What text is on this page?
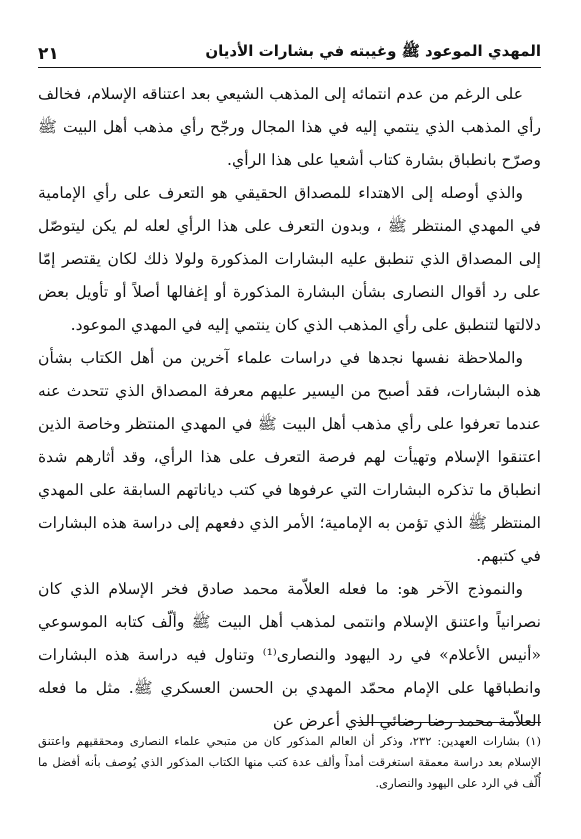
المهدي الموعود ﷺ وغيبته في بشارات الأديان
٢١

على الرغم من عدم انتمائه إلى المذهب الشيعي بعد اعتناقه الإسلام، فخالف رأي المذهب الذي ينتمي إليه في هذا المجال ورجّح رأي مذهب أهل البيت ﷺ وصرّح بانطباق بشارة كتاب أشعيا على هذا الرأي.

والذي أوصله إلى الاهتداء للمصداق الحقيقي هو التعرف على رأي الإمامية في المهدي المنتظر ﷺ ، وبدون التعرف على هذا الرأي لعله لم يكن ليتوصّل إلى المصداق الذي تنطبق عليه البشارات المذكورة ولولا ذلك لكان يقتصر إمّا على رد أقوال النصارى بشأن البشارة المذكورة أو إغفالها أصلاً أو تأويل بعض دلالتها لتنطبق على رأي المذهب الذي كان ينتمي إليه في المهدي الموعود.

والملاحظة نفسها نجدها في دراسات علماء آخرين من أهل الكتاب بشأن هذه البشارات، فقد أصبح من اليسير عليهم معرفة المصداق الذي تتحدث عنه عندما تعرفوا على رأي مذهب أهل البيت ﷺ في المهدي المنتظر وخاصة الذين اعتنقوا الإسلام وتهيأت لهم فرصة التعرف على هذا الرأي، وقد أثارهم شدة انطباق ما تذكره البشارات التي عرفوها في كتب دياناتهم السابقة على المهدي المنتظر ﷺ الذي تؤمن به الإمامية؛ الأمر الذي دفعهم إلى دراسة هذه البشارات في كتبهم.

والنموذج الآخر هو: ما فعله العلاّمة محمد صادق فخر الإسلام الذي كان نصرانياً واعتنق الإسلام وانتمى لمذهب أهل البيت ﷺ وألّف كتابه الموسوعي «أنيس الأعلام» في رد اليهود والنصارى⁽¹⁾ وتناول فيه دراسة هذه البشارات وانطباقها على الإمام محمّد المهدي بن الحسن العسكري ﷺ. مثل ما فعله العلاّمة محمد رضا رضائي الذي أعرض عن

(١) بشارات العهدين: ٢٣٢، وذكر أن العالم المذكور كان من متبحي علماء النصارى ومحققيهم واعتنق الإسلام بعد دراسة معمقة استغرقت أمداً وألف عدة كتب منها الكتاب المذكور الذي يُوصف بأنه أفضل ما أُلّف في الرد على اليهود والنصارى.
